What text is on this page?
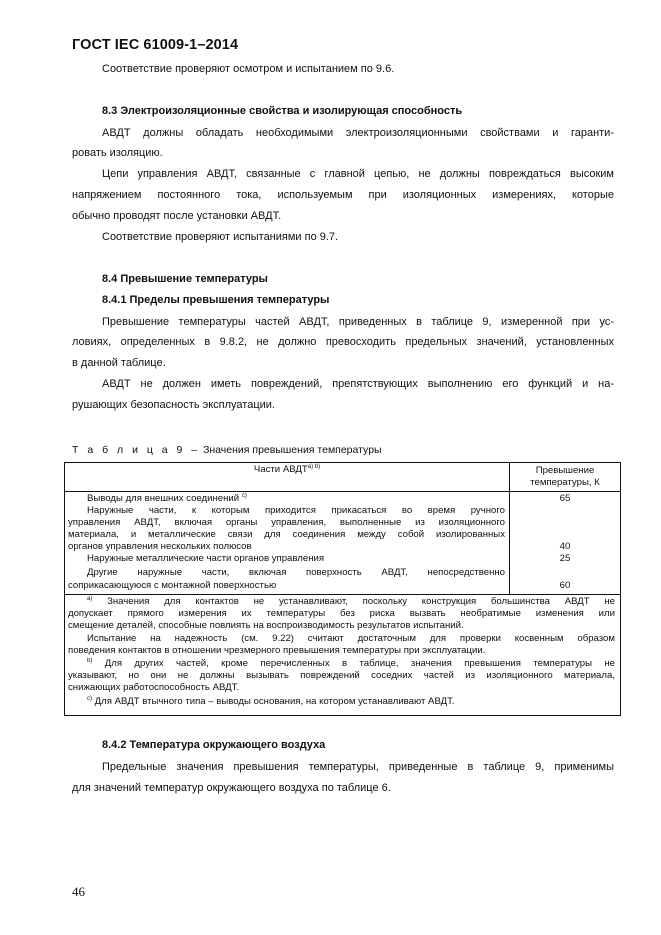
ГОСТ IEC 61009-1–2014
Соответствие проверяют осмотром и испытанием по 9.6.
8.3 Электроизоляционные свойства и изолирующая способность
АВДТ должны обладать необходимыми электроизоляционными свойствами и гаранти-
ровать изоляцию.
Цепи управления АВДТ, связанные с главной цепью, не должны повреждаться высоким
напряжением постоянного тока, используемым при изоляционных измерениях, которые
обычно проводят после установки АВДТ.
Соответствие проверяют испытаниями по 9.7.
8.4 Превышение температуры
8.4.1 Пределы превышения температуры
Превышение температуры частей АВДТ, приведенных в таблице 9, измеренной при ус-
ловиях, определенных в 9.8.2, не должно превосходить предельных значений, установленных
в данной таблице.
АВДТ не должен иметь повреждений, препятствующих выполнению его функций и на-
рушающих безопасность эксплуатации.
Т а б л и ц а 9 – Значения превышения температуры
Части $АВДТ^{a) b)}$	Превышение
температуры, К
Выводы для внешних соединений $^{c)}$	65
Наружные части, к которым приходится прикасаться во время ручного
управления АВДТ, включая органы управления, выполненные из изоляционного
материала, и металлические связи для соединения между собой изолированных
органов управления нескольких полюсов	40
Наружные металлические части органов управления	25
Другие наружные части, включая поверхность АВДТ, непосредственно
соприкасающуюся с монтажной поверхностью	60
$^{a)}$ Значения для контактов не устанавливают, поскольку конструкция большинства АВДТ не
допускает прямого измерения их температуры без риска вызвать необратимые изменения или
смещение деталей, способные повлиять на воспроизводимость результатов испытаний.
Испытание на надежность (см. 9.22) считают достаточным для проверки косвенным образом
поведения контактов в отношении чрезмерного превышения температуры при эксплуатации.
$^{b)}$ Для других частей, кроме перечисленных в таблице, значения превышения температуры не
указывают, но они не должны вызывать повреждений соседних частей из изоляционного материала,
снижающих работоспособность АВДТ.
$^{c)}$ Для АВДТ втычного типа – выводы основания, на котором устанавливают АВДТ.
8.4.2 Температура окружающего воздуха
Предельные значения превышения температуры, приведенные в таблице 9, применимы
для значений температур окружающего воздуха по таблице 6.
46
